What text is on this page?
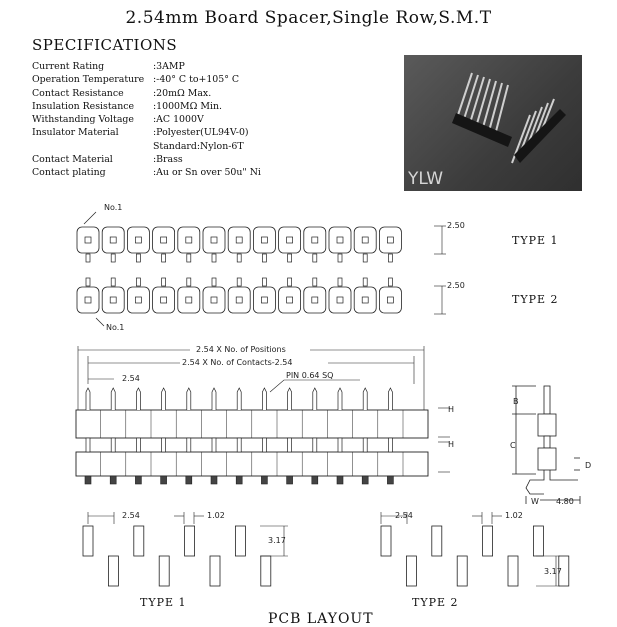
2.54mm Board Spacer,Single Row,S.M.T
SPECIFICATIONS
Current Rating	:3AMP
Operation Temperature :-40° C to+105° C
Contact Resistance	:20mΩ Max.
Insulation Resistance	:1000MΩ Min.
Withstanding Voltage	:AC 1000V
Insulator Material	:Polyester(UL94V-0)
Standard:Nylon-6T
Contact Material	:Brass
Contact plating	:Au or Sn over 50u" Ni	YLW
No.1
2.50
TYPE 1
2.50
No.1
TYPE 2
2.54 X No. of Positions
2.54 X No. of Contacts-2.54
2.54	PIN 0.64 SQ
H
H
B
C
D
W 4.80
2.54	1.02
3.17
2.54	1.02
3.17
TYPE 1	TYPE 2
PCB LAYOUT
